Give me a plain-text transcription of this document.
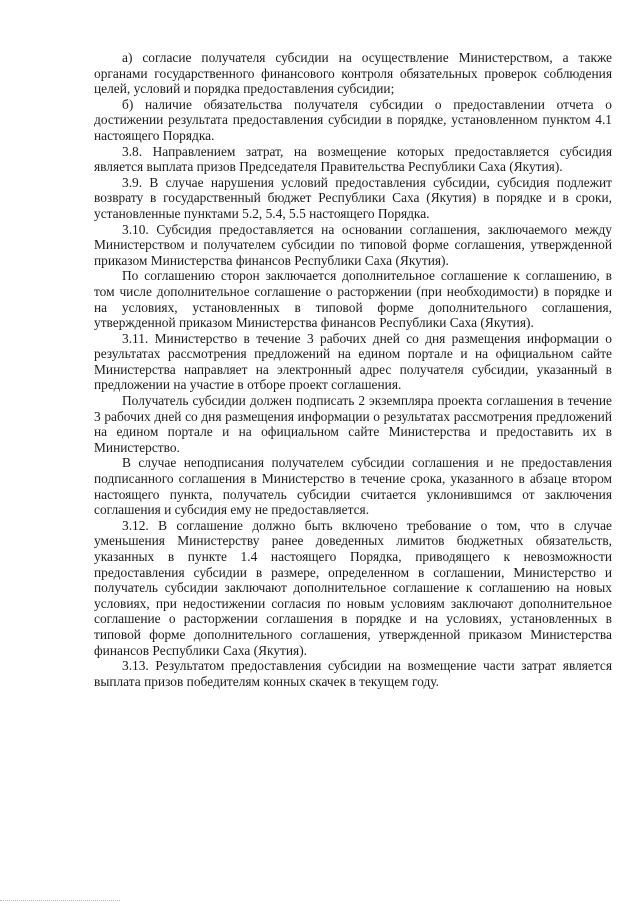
а) согласие получателя субсидии на осуществление Министерством, а также органами государственного финансового контроля обязательных проверок соблюдения целей, условий и порядка предоставления субсидии;

б) наличие обязательства получателя субсидии о предоставлении отчета о достижении результата предоставления субсидии в порядке, установленном пунктом 4.1 настоящего Порядка.

3.8. Направлением затрат, на возмещение которых предоставляется субсидия является выплата призов Председателя Правительства Республики Саха (Якутия).

3.9. В случае нарушения условий предоставления субсидии, субсидия подлежит возврату в государственный бюджет Республики Саха (Якутия) в порядке и в сроки, установленные пунктами 5.2, 5.4, 5.5 настоящего Порядка.

3.10. Субсидия предоставляется на основании соглашения, заключаемого между Министерством и получателем субсидии по типовой форме соглашения, утвержденной приказом Министерства финансов Республики Саха (Якутия).

По соглашению сторон заключается дополнительное соглашение к соглашению, в том числе дополнительное соглашение о расторжении (при необходимости) в порядке и на условиях, установленных в типовой форме дополнительного соглашения, утвержденной приказом Министерства финансов Республики Саха (Якутия).

3.11. Министерство в течение 3 рабочих дней со дня размещения информации о результатах рассмотрения предложений на едином портале и на официальном сайте Министерства направляет на электронный адрес получателя субсидии, указанный в предложении на участие в отборе проект соглашения.

Получатель субсидии должен подписать 2 экземпляра проекта соглашения в течение 3 рабочих дней со дня размещения информации о результатах рассмотрения предложений на едином портале и на официальном сайте Министерства и предоставить их в Министерство.

В случае неподписания получателем субсидии соглашения и не предоставления подписанного соглашения в Министерство в течение срока, указанного в абзаце втором настоящего пункта, получатель субсидии считается уклонившимся от заключения соглашения и субсидия ему не предоставляется.

3.12. В соглашение должно быть включено требование о том, что в случае уменьшения Министерству ранее доведенных лимитов бюджетных обязательств, указанных в пункте 1.4 настоящего Порядка, приводящего к невозможности предоставления субсидии в размере, определенном в соглашении, Министерство и получатель субсидии заключают дополнительное соглашение к соглашению на новых условиях, при недостижении согласия по новым условиям заключают дополнительное соглашение о расторжении соглашения в порядке и на условиях, установленных в типовой форме дополнительного соглашения, утвержденной приказом Министерства финансов Республики Саха (Якутия).

3.13. Результатом предоставления субсидии на возмещение части затрат является выплата призов победителям конных скачек в текущем году.
